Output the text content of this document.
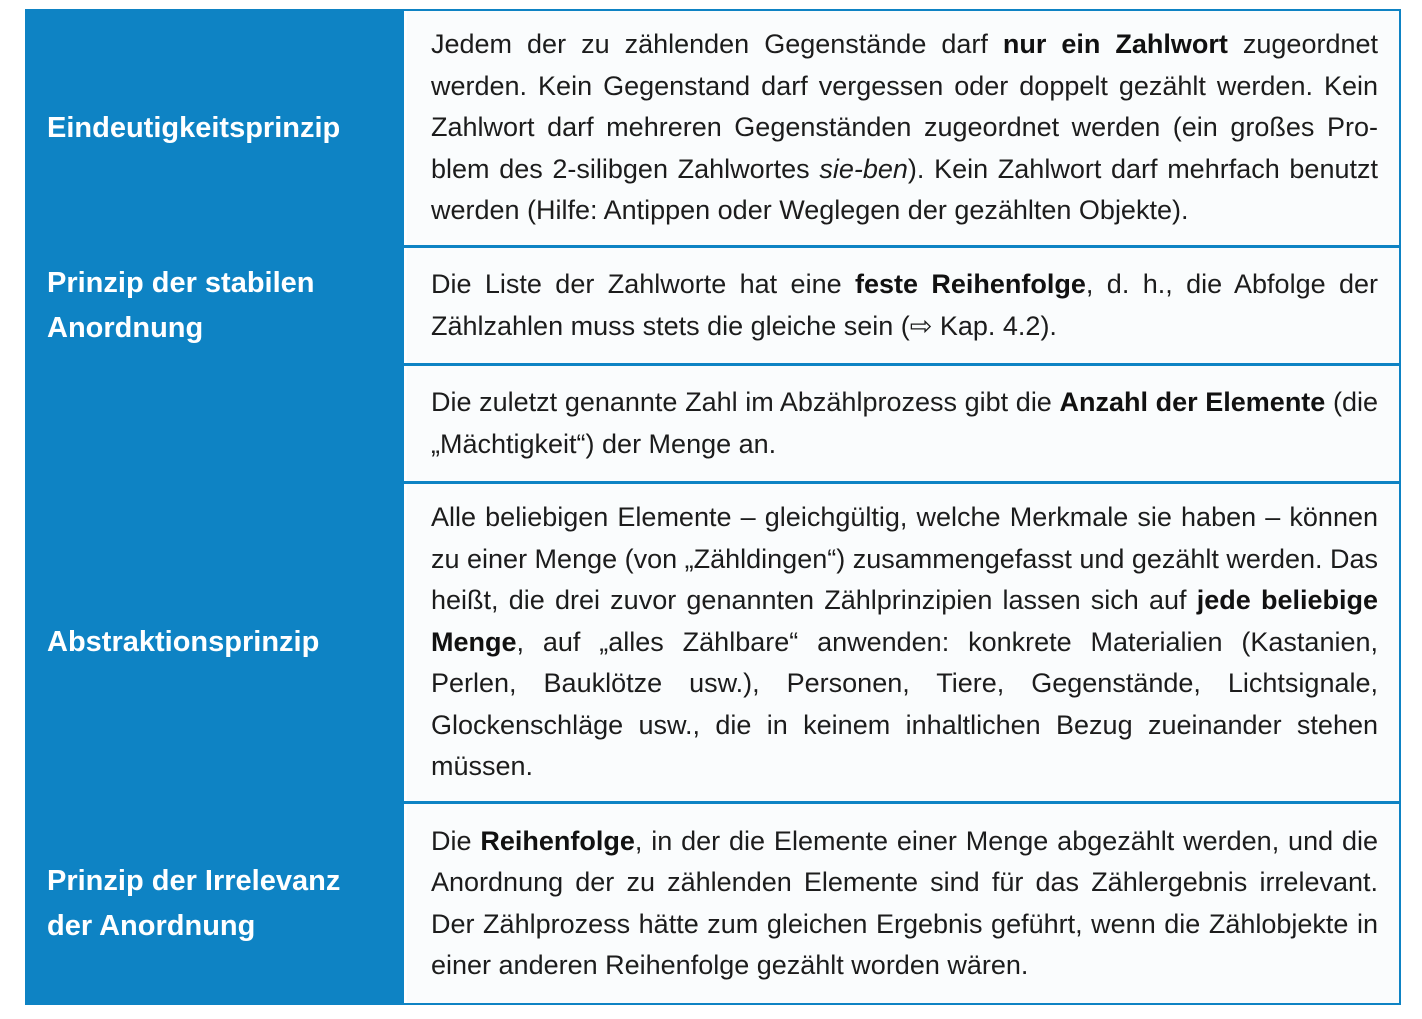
Eindeutigkeitsprinzip

Jedem der zu zählenden Gegenstände darf nur ein Zahlwort zugeordnet werden. Kein Gegenstand darf vergessen oder doppelt gezählt werden. Kein Zahlwort darf mehreren Gegenständen zugeordnet werden (ein großes Problem des 2-silibgen Zahlwortes sie-ben). Kein Zahlwort darf mehrfach benutzt werden (Hilfe: Antippen oder Weglegen der gezählten Objekte).

Prinzip der stabilen
Anordnung

Die Liste der Zahlworte hat eine feste Reihenfolge, d. h., die Abfolge der Zählzahlen muss stets die gleiche sein (⇨ Kap. 4.2).

Die zuletzt genannte Zahl im Abzählprozess gibt die Anzahl der Elemente (die „Mächtigkeit“) der Menge an.

Abstraktionsprinzip

Alle beliebigen Elemente – gleichgültig, welche Merkmale sie haben – können zu einer Menge (von „Zähldingen“) zusammengefasst und gezählt werden. Das heißt, die drei zuvor genannten Zählprinzipien lassen sich auf jede beliebige Menge, auf „alles Zählbare“ anwenden: konkrete Materialien (Kastanien, Perlen, Bauklötze usw.), Personen, Tiere, Gegenstände, Lichtsignale, Glockenschläge usw., die in keinem inhaltlichen Bezug zueinander stehen müssen.

Prinzip der Irrelevanz
der Anordnung

Die Reihenfolge, in der die Elemente einer Menge abgezählt werden, und die Anordnung der zu zählenden Elemente sind für das Zählergebnis irrelevant. Der Zählprozess hätte zum gleichen Ergebnis geführt, wenn die Zählobjekte in einer anderen Reihenfolge gezählt worden wären.
